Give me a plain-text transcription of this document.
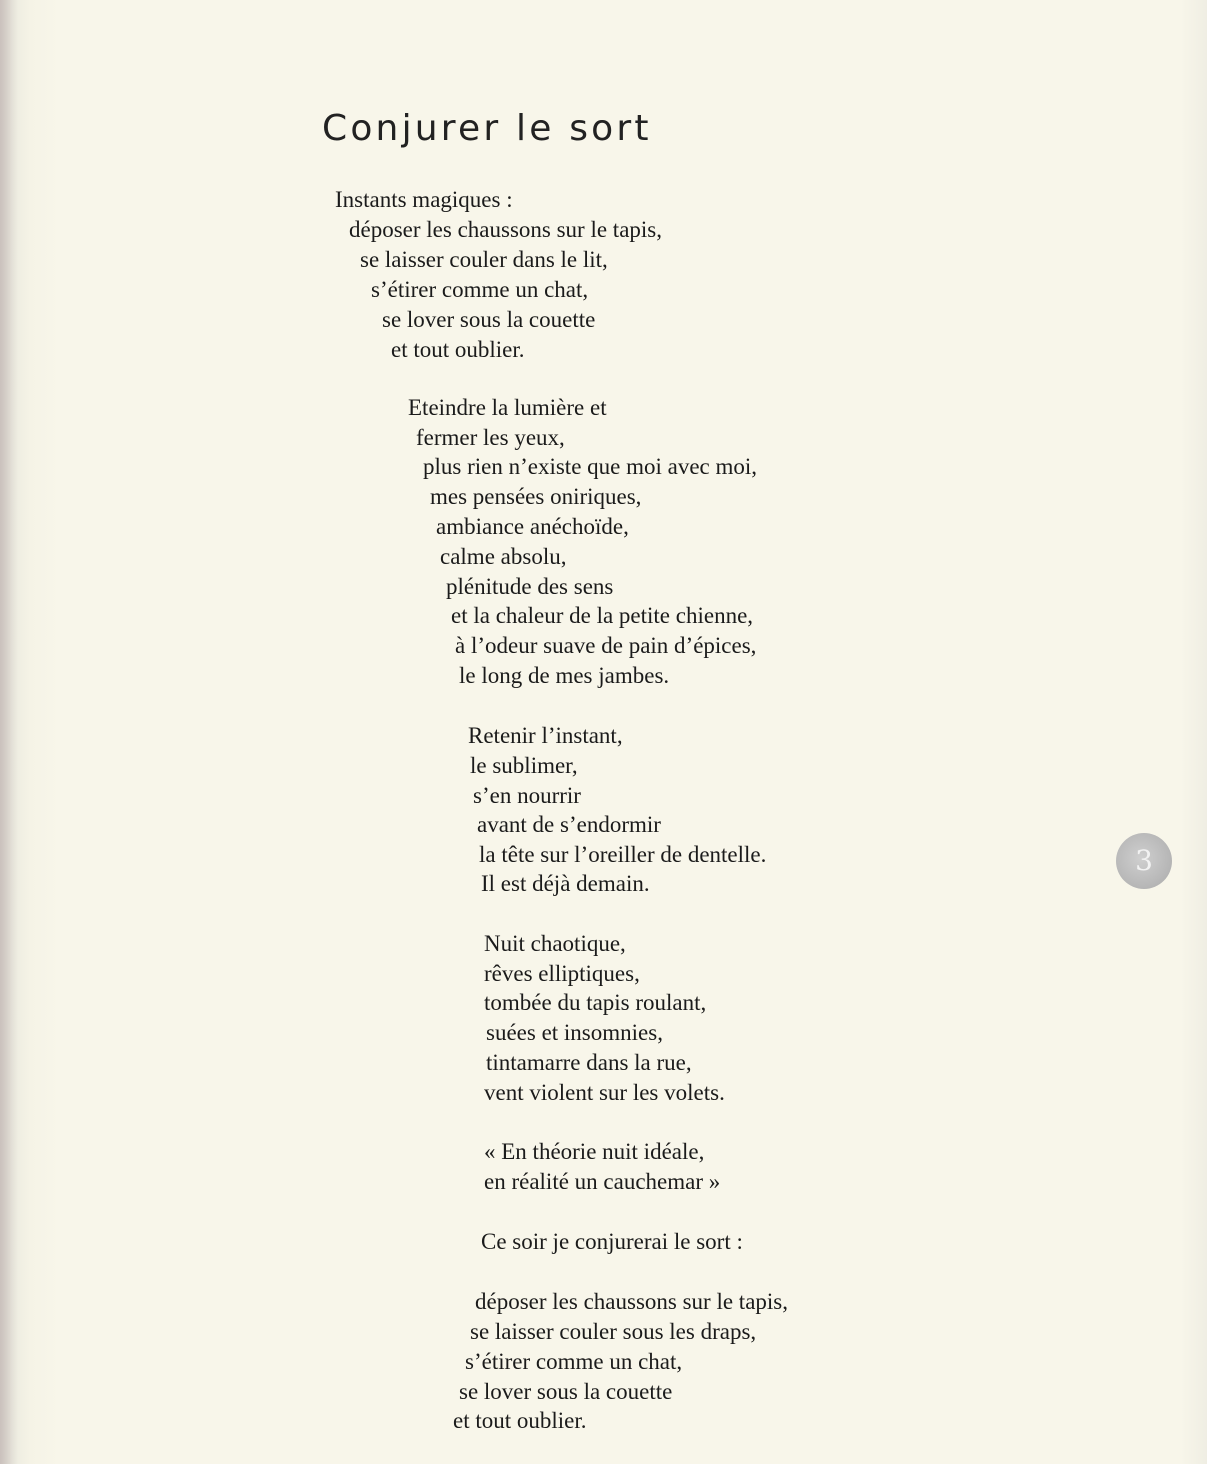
Conjurer le sort
Instants magiques :
déposer les chaussons sur le tapis,
se laisser couler dans le lit,
s’étirer comme un chat,
se lover sous la couette
et tout oublier.
Eteindre la lumière et
fermer les yeux,
plus rien n’existe que moi avec moi,
mes pensées oniriques,
ambiance anéchoïde,
calme absolu,
plénitude des sens
et la chaleur de la petite chienne,
à l’odeur suave de pain d’épices,
le long de mes jambes.
Retenir l’instant,
le sublimer,
s’en nourrir
avant de s’endormir
la tête sur l’oreiller de dentelle.
Il est déjà demain.
Nuit chaotique,
rêves elliptiques,
tombée du tapis roulant,
suées et insomnies,
tintamarre dans la rue,
vent violent sur les volets.
« En théorie nuit idéale,
en réalité un cauchemar »
Ce soir je conjurerai le sort :
déposer les chaussons sur le tapis,
se laisser couler sous les draps,
s’étirer comme un chat,
se lover sous la couette
et tout oublier.
3
